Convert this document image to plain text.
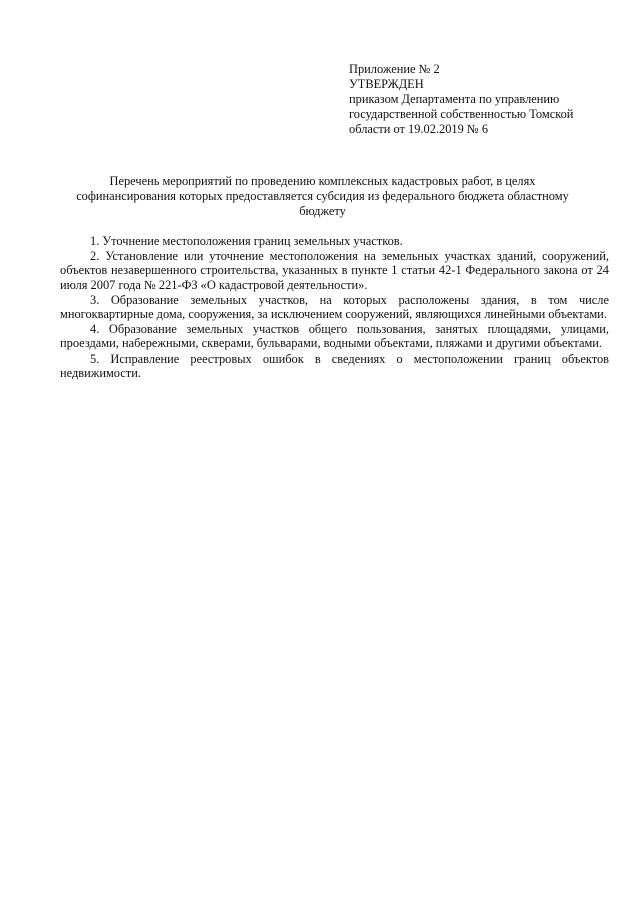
Приложение № 2
УТВЕРЖДЕН
приказом Департамента по управлению
государственной собственностью Томской
области от 19.02.2019 № 6
Перечень мероприятий по проведению комплексных кадастровых работ, в целях
софинансирования которых предоставляется субсидия из федерального бюджета областному
бюджету

1. Уточнение местоположения границ земельных участков.

2. Установление или уточнение местоположения на земельных участках зданий, сооружений, объектов незавершенного строительства, указанных в пункте 1 статьи 42-1 Федерального закона от 24 июля 2007 года № 221-ФЗ «О кадастровой деятельности».

3. Образование земельных участков, на которых расположены здания, в том числе многоквартирные дома, сооружения, за исключением сооружений, являющихся линейными объектами.

4. Образование земельных участков общего пользования, занятых площадями, улицами, проездами, набережными, скверами, бульварами, водными объектами, пляжами и другими объектами.

5. Исправление реестровых ошибок в сведениях о местоположении границ объектов недвижимости.
